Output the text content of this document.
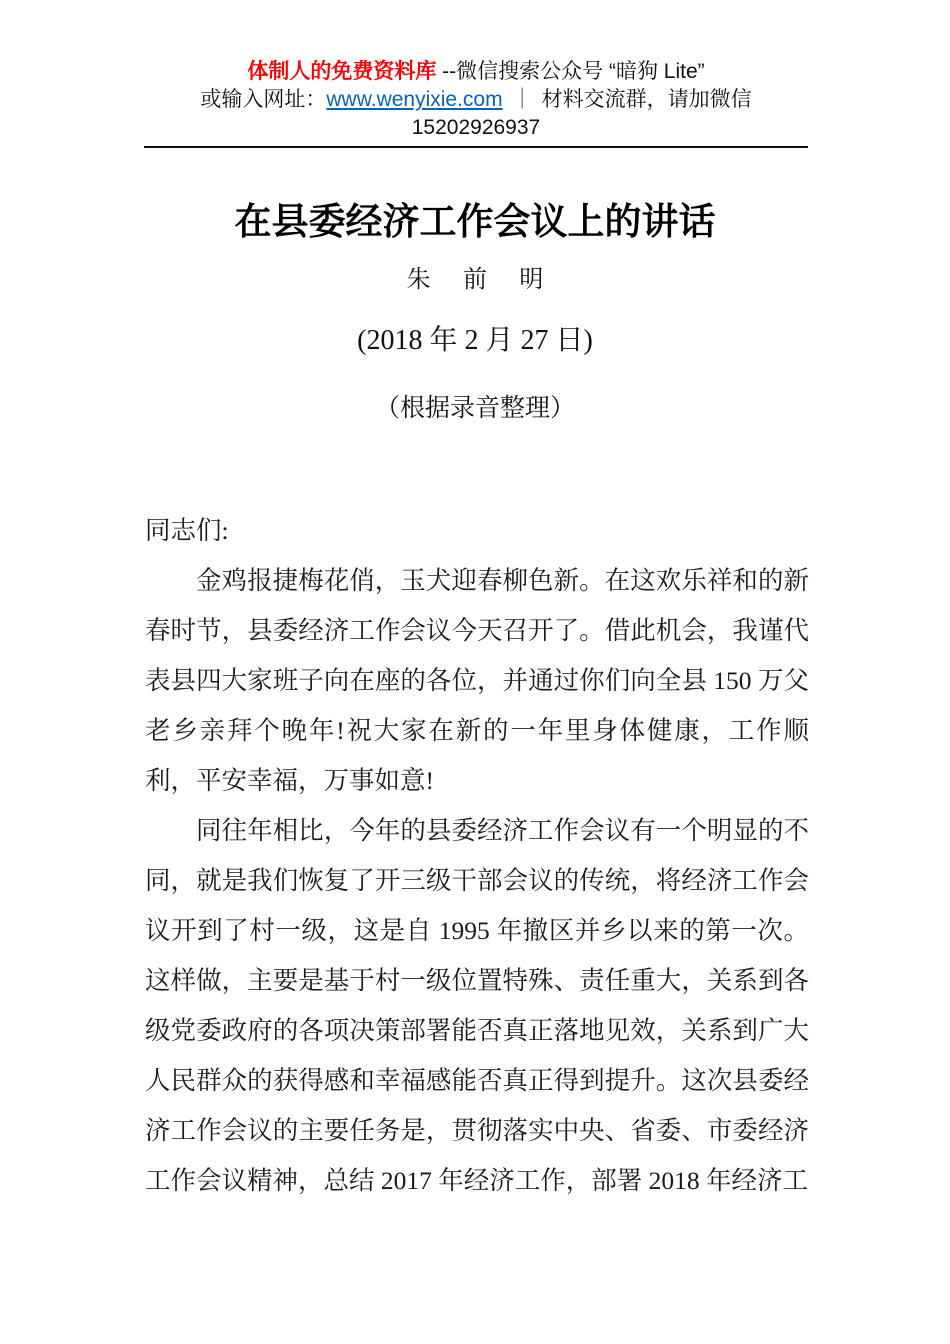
体制人的免费资料库 --微信搜索公众号 “暗狗 Lite”
或输入网址：www.wenyixie.com ｜ 材料交流群，请加微信 15202926937
在县委经济工作会议上的讲话
朱 前 明
(2018 年 2 月 27 日)
（根据录音整理）

同志们:

金鸡报捷梅花俏，玉犬迎春柳色新。在这欢乐祥和的新春时节，县委经济工作会议今天召开了。借此机会，我谨代表县四大家班子向在座的各位，并通过你们向全县 150 万父老乡亲拜个晚年!祝大家在新的一年里身体健康，工作顺利，平安幸福，万事如意!

同往年相比，今年的县委经济工作会议有一个明显的不同，就是我们恢复了开三级干部会议的传统，将经济工作会议开到了村一级，这是自 1995 年撤区并乡以来的第一次。这样做，主要是基于村一级位置特殊、责任重大，关系到各级党委政府的各项决策部署能否真正落地见效，关系到广大人民群众的获得感和幸福感能否真正得到提升。这次县委经济工作会议的主要任务是，贯彻落实中央、省委、市委经济工作会议精神，总结 2017 年经济工作，部署 2018 年经济工
